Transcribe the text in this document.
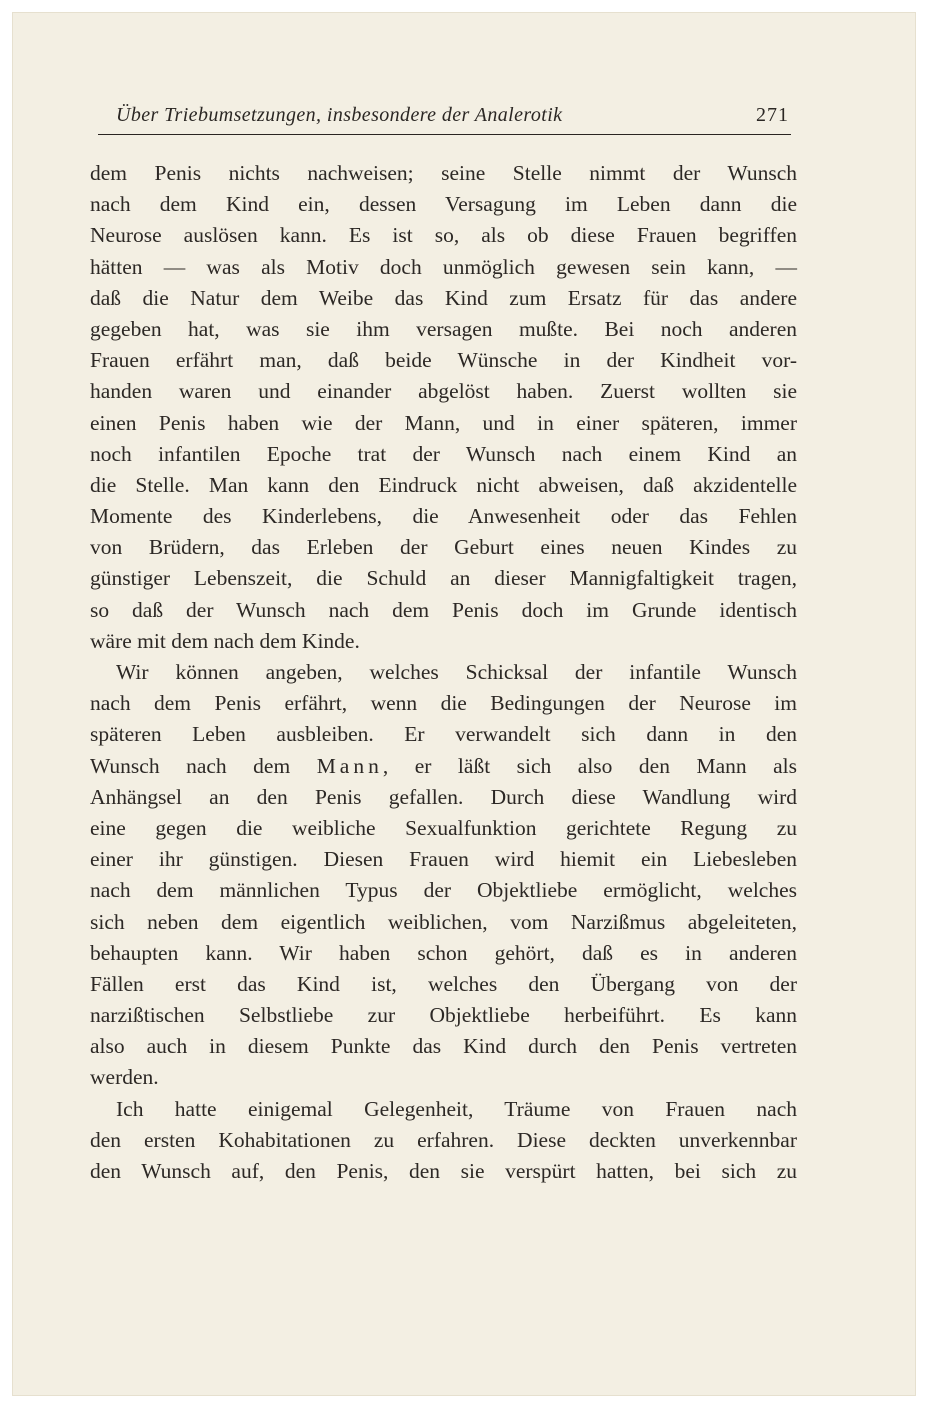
Über Triebumsetzungen, insbesondere der Analerotik	271
dem Penis nichts nachweisen; seine Stelle nimmt der Wunsch
nach dem Kind ein, dessen Versagung im Leben dann die
Neurose auslösen kann. Es ist so, als ob diese Frauen begriffen
hätten — was als Motiv doch unmöglich gewesen sein kann, —
daß die Natur dem Weibe das Kind zum Ersatz für das andere
gegeben hat, was sie ihm versagen mußte. Bei noch anderen
Frauen erfährt man, daß beide Wünsche in der Kindheit vor-
handen waren und einander abgelöst haben. Zuerst wollten sie
einen Penis haben wie der Mann, und in einer späteren, immer
noch infantilen Epoche trat der Wunsch nach einem Kind an
die Stelle. Man kann den Eindruck nicht abweisen, daß akzidentelle
Momente des Kinderlebens, die Anwesenheit oder das Fehlen
von Brüdern, das Erleben der Geburt eines neuen Kindes zu
günstiger Lebenszeit, die Schuld an dieser Mannigfaltigkeit tragen,
so daß der Wunsch nach dem Penis doch im Grunde identisch
wäre mit dem nach dem Kinde.
Wir können angeben, welches Schicksal der infantile Wunsch
nach dem Penis erfährt, wenn die Bedingungen der Neurose im
späteren Leben ausbleiben. Er verwandelt sich dann in den
Wunsch nach dem Mann, er läßt sich also den Mann als
Anhängsel an den Penis gefallen. Durch diese Wandlung wird
eine gegen die weibliche Sexualfunktion gerichtete Regung zu
einer ihr günstigen. Diesen Frauen wird hiemit ein Liebesleben
nach dem männlichen Typus der Objektliebe ermöglicht, welches
sich neben dem eigentlich weiblichen, vom Narzißmus abgeleiteten,
behaupten kann. Wir haben schon gehört, daß es in anderen
Fällen erst das Kind ist, welches den Übergang von der
narzißtischen Selbstliebe zur Objektliebe herbeiführt. Es kann
also auch in diesem Punkte das Kind durch den Penis vertreten
werden.
Ich hatte einigemal Gelegenheit, Träume von Frauen nach
den ersten Kohabitationen zu erfahren. Diese deckten unverkennbar
den Wunsch auf, den Penis, den sie verspürt hatten, bei sich zu
